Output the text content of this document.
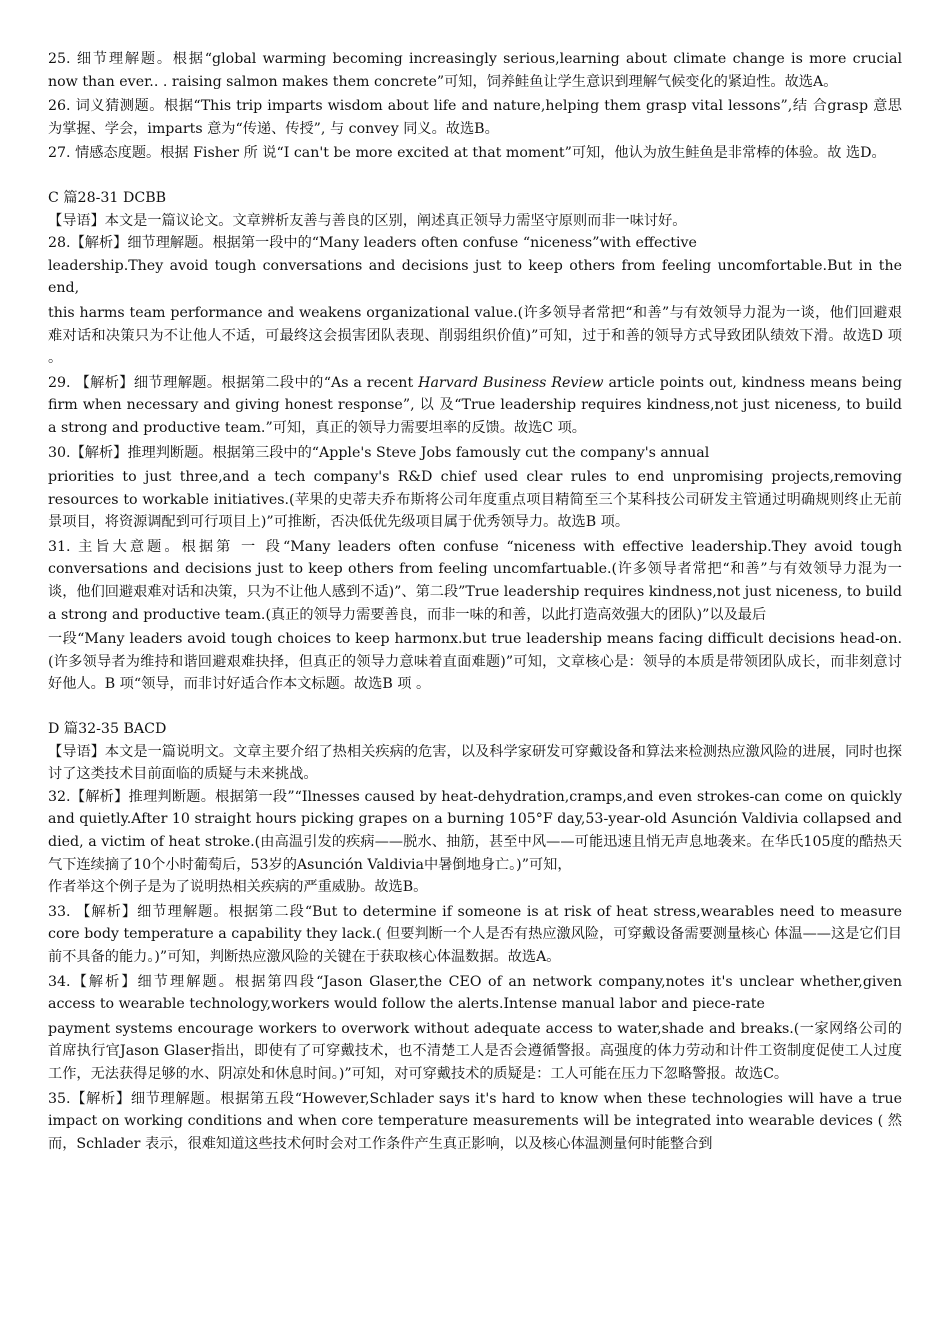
25. 细节理解题。根据“global warming becoming increasingly serious,learning about climate change is more crucial now than ever.. . raising salmon makes them concrete”可知，饲养鲑鱼让学生意识到理解气候变化的紧迫性。故选A。

26. 词义猜测题。根据“This trip imparts wisdom about life and nature,helping them grasp vital lessons”,结 合grasp 意思为掌握、学会，imparts 意为“传递、传授”, 与 convey 同义。故选B。

27. 情感态度题。根据 Fisher 所 说“I can't be more excited at that moment”可知，他认为放生鲑鱼是非常棒的体验。故 选D。

C 篇28-31 DCBB

【导语】本文是一篇议论文。文章辨析友善与善良的区别，阐述真正领导力需坚守原则而非一味讨好。

28.【解析】细节理解题。根据第一段中的“Many leaders often confuse “niceness”with effective

leadership.They avoid tough conversations and decisions just to keep others from feeling uncomfortable.But in the end,

this harms team performance and weakens organizational value.(许多领导者常把“和善”与有效领导力混为一谈，他们回避艰难对话和决策只为不让他人不适，可最终这会损害团队表现、削弱组织价值)”可知，过于和善的领导方式导致团队绩效下滑。故选D 项 。

29. 【解析】细节理解题。根据第二段中的“As a recent Harvard Business Review article points out, kindness means being firm when necessary and giving honest response”, 以 及“True leadership requires kindness,not just niceness, to build a strong and productive team.”可知，真正的领导力需要坦率的反馈。故选C 项。

30.【解析】推理判断题。根据第三段中的“Apple's Steve Jobs famously cut the company's annual

priorities to just three,and a tech company's R&D chief used clear rules to end unpromising projects,removing resources to workable initiatives.(苹果的史蒂夫乔布斯将公司年度重点项目精简至三个某科技公司研发主管通过明确规则终止无前景项目，将资源调配到可行项目上)”可推断，否决低优先级项目属于优秀领导力。故选B 项。

31. 主旨大意题。根据第 一 段“Many leaders often confuse “niceness with effective leadership.They avoid tough conversations and decisions just to keep others from feeling uncomfartuable.(许多领导者常把“和善”与有效领导力混为一谈，他们回避艰难对话和决策，只为不让他人感到不适)”、第二段”True leadership requires kindness,not just niceness, to build a strong and productive team.(真正的领导力需要善良，而非一味的和善，以此打造高效强大的团队)”以及最后

一段“Many leaders avoid tough choices to keep harmonx.but true leadership means facing difficult decisions head-on.(许多领导者为维持和谐回避艰难抉择，但真正的领导力意味着直面难题)”可知，文章核心是：领导的本质是带领团队成长，而非刻意讨好他人。B 项“领导，而非讨好适合作本文标题。故选B 项 。

D 篇32-35 BACD

【导语】本文是一篇说明文。文章主要介绍了热相关疾病的危害，以及科学家研发可穿戴设备和算法来检测热应激风险的进展，同时也探讨了这类技术目前面临的质疑与未来挑战。

32.【解析】推理判断题。根据第一段”“Ilnesses caused by heat-dehydration,cramps,and even strokes-can come on quickly and quietly.After 10 straight hours picking grapes on a burning 105°F day,53-year-old Asunción Valdivia collapsed and died, a victim of heat stroke.(由高温引发的疾病——脱水、抽筋，甚至中风——可能迅速且悄无声息地袭来。在华氏105度的酷热天气下连续摘了10个小时葡萄后，53岁的Asunción Valdivia中暑倒地身亡。)”可知，

作者举这个例子是为了说明热相关疾病的严重威胁。故选B。

33. 【解析】细节理解题。根据第二段“But to determine if someone is at risk of heat stress,wearables need to measure core body temperature a capability they lack.( 但要判断一个人是否有热应激风险，可穿戴设备需要测量核心 体温——这是它们目前不具备的能力。)”可知，判断热应激风险的关键在于获取核心体温数据。故选A。

34.【解析】细节理解题。根据第四段“Jason Glaser,the CEO of an network company,notes it's unclear whether,given access to wearable technology,workers would follow the alerts.Intense manual labor and piece-rate

payment systems encourage workers to overwork without adequate access to water,shade and breaks.(一家网络公司的首席执行官Jason Glaser指出，即使有了可穿戴技术，也不清楚工人是否会遵循警报。高强度的体力劳动和计件工资制度促使工人过度工作，无法获得足够的水、阴凉处和休息时间。)”可知，对可穿戴技术的质疑是：工人可能在压力下忽略警报。故选C。

35.【解析】细节理解题。根据第五段“However,Schlader says it's hard to know when these technologies will have a true impact on working conditions and when core temperature measurements will be integrated into wearable devices ( 然而，Schlader 表示，很难知道这些技术何时会对工作条件产生真正影响，以及核心体温测量何时能整合到
